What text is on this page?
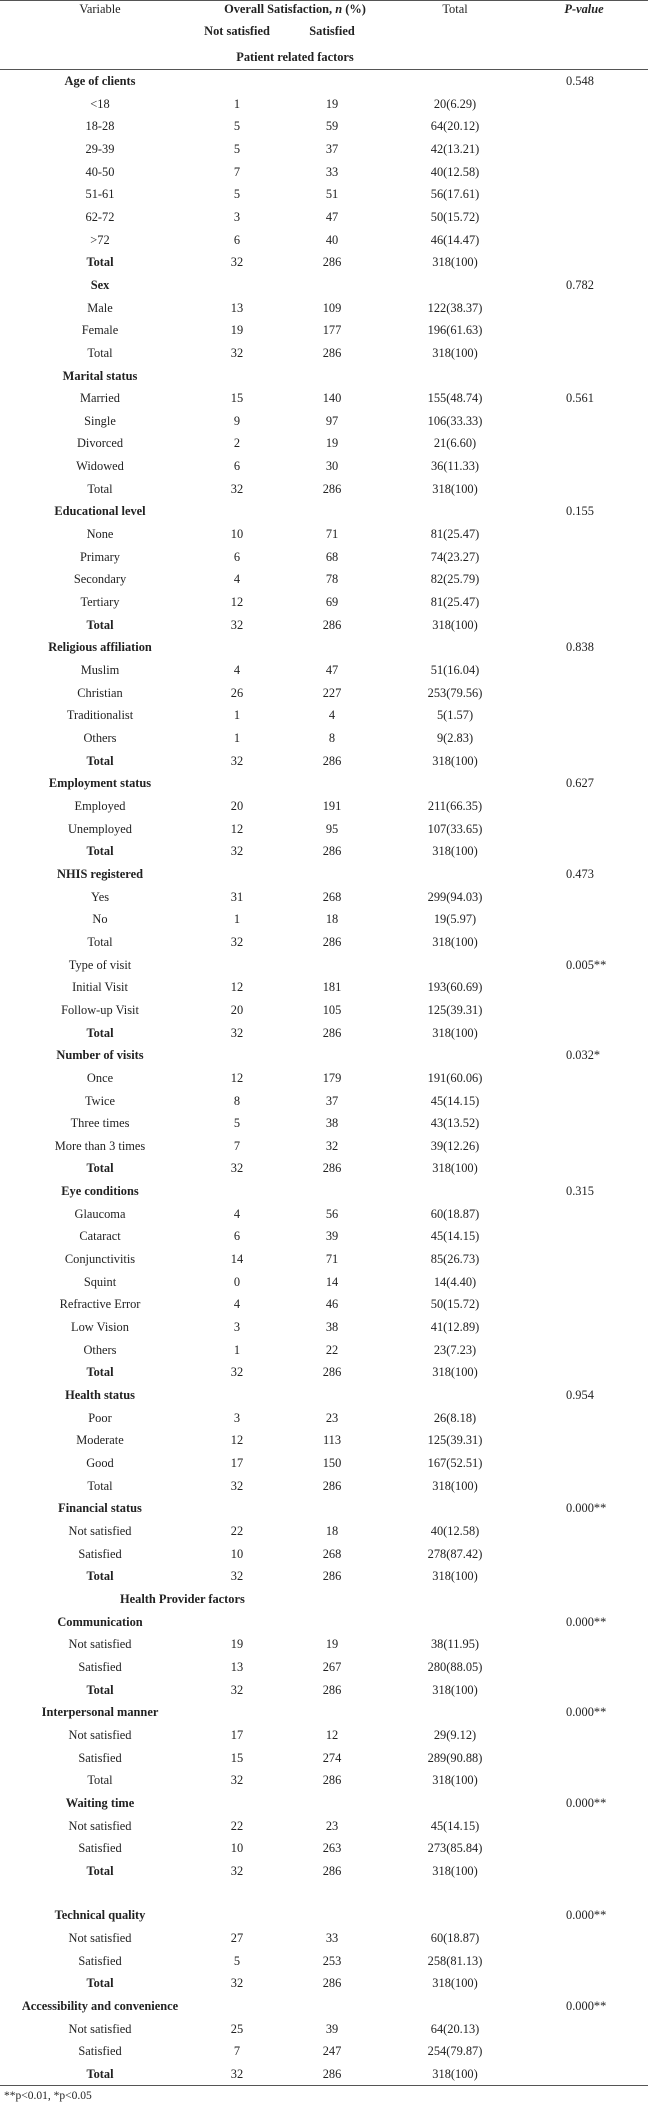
Variable	Overall Satisfaction, n (%)		Total	P-value
	Not satisfied	Satisfied		
	Patient related factors			
Age of clients				0.548
<18	1	19	20(6.29)	
18-28	5	59	64(20.12)	
29-39	5	37	42(13.21)	
40-50	7	33	40(12.58)	
51-61	5	51	56(17.61)	
62-72	3	47	50(15.72)	
>72	6	40	46(14.47)	
Total	32	286	318(100)	
Sex				0.782
Male	13	109	122(38.37)	
Female	19	177	196(61.63)	
Total	32	286	318(100)	
Marital status				
Married	15	140	155(48.74)	0.561
Single	9	97	106(33.33)	
Divorced	2	19	21(6.60)	
Widowed	6	30	36(11.33)	
Total	32	286	318(100)	
Educational level				0.155
None	10	71	81(25.47)	
Primary	6	68	74(23.27)	
Secondary	4	78	82(25.79)	
Tertiary	12	69	81(25.47)	
Total	32	286	318(100)	
Religious affiliation				0.838
Muslim	4	47	51(16.04)	
Christian	26	227	253(79.56)	
Traditionalist	1	4	5(1.57)	
Others	1	8	9(2.83)	
Total	32	286	318(100)	
Employment status				0.627
Employed	20	191	211(66.35)	
Unemployed	12	95	107(33.65)	
Total	32	286	318(100)	
NHIS registered				0.473
Yes	31	268	299(94.03)	
No	1	18	19(5.97)	
Total	32	286	318(100)	
Type of visit				0.005**
Initial Visit	12	181	193(60.69)	
Follow-up Visit	20	105	125(39.31)	
Total	32	286	318(100)	
Number of visits				0.032*
Once	12	179	191(60.06)	
Twice	8	37	45(14.15)	
Three times	5	38	43(13.52)	
More than 3 times	7	32	39(12.26)	
Total	32	286	318(100)	
Eye conditions				0.315
Glaucoma	4	56	60(18.87)	
Cataract	6	39	45(14.15)	
Conjunctivitis	14	71	85(26.73)	
Squint	0	14	14(4.40)	
Refractive Error	4	46	50(15.72)	
Low Vision	3	38	41(12.89)	
Others	1	22	23(7.23)	
Total	32	286	318(100)	
Health status				0.954
Poor	3	23	26(8.18)	
Moderate	12	113	125(39.31)	
Good	17	150	167(52.51)	
Total	32	286	318(100)	
Financial status				0.000**
Not satisfied	22	18	40(12.58)	
Satisfied	10	268	278(87.42)	
Total	32	286	318(100)	
Health Provider factors				
Communication				0.000**
Not satisfied	19	19	38(11.95)	
Satisfied	13	267	280(88.05)	
Total	32	286	318(100)	
Interpersonal manner				0.000**
Not satisfied	17	12	29(9.12)	
Satisfied	15	274	289(90.88)	
Total	32	286	318(100)	
Waiting time				0.000**
Not satisfied	22	23	45(14.15)	
Satisfied	10	263	273(85.84)	
Total	32	286	318(100)	

Technical quality				0.000**
Not satisfied	27	33	60(18.87)	
Satisfied	5	253	258(81.13)	
Total	32	286	318(100)	
Accessibility and convenience				0.000**
Not satisfied	25	39	64(20.13)	
Satisfied	7	247	254(79.87)	
Total	32	286	318(100)	
**p<0.01, *p<0.05
